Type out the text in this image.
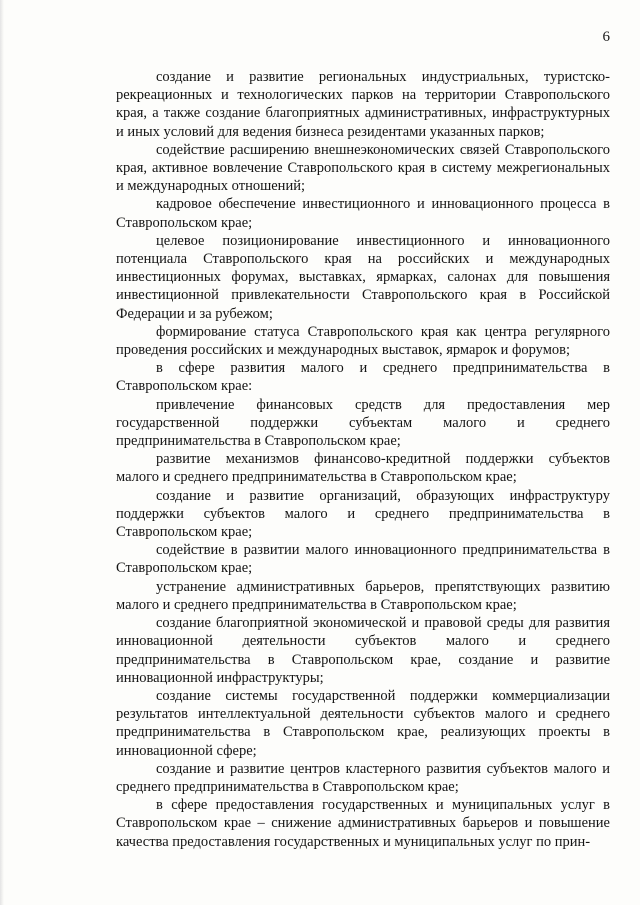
6

создание и развитие региональных индустриальных, туристско-рекреационных и технологических парков на территории Ставропольского края, а также создание благоприятных административных, инфраструктурных и иных условий для ведения бизнеса резидентами указанных парков;

содействие расширению внешнеэкономических связей Ставропольского края, активное вовлечение Ставропольского края в систему межрегиональных и международных отношений;

кадровое обеспечение инвестиционного и инновационного процесса в Ставропольском крае;

целевое позиционирование инвестиционного и инновационного потенциала Ставропольского края на российских и международных инвестиционных форумах, выставках, ярмарках, салонах для повышения инвестиционной привлекательности Ставропольского края в Российской Федерации и за рубежом;

формирование статуса Ставропольского края как центра регулярного проведения российских и международных выставок, ярмарок и форумов;

в сфере развития малого и среднего предпринимательства в Ставропольском крае:

привлечение финансовых средств для предоставления мер государственной поддержки субъектам малого и среднего предпринимательства в Ставропольском крае;

развитие механизмов финансово-кредитной поддержки субъектов малого и среднего предпринимательства в Ставропольском крае;

создание и развитие организаций, образующих инфраструктуру поддержки субъектов малого и среднего предпринимательства в Ставропольском крае;

содействие в развитии малого инновационного предпринимательства в Ставропольском крае;

устранение административных барьеров, препятствующих развитию малого и среднего предпринимательства в Ставропольском крае;

создание благоприятной экономической и правовой среды для развития инновационной деятельности субъектов малого и среднего предпринимательства в Ставропольском крае, создание и развитие инновационной инфраструктуры;

создание системы государственной поддержки коммерциализации результатов интеллектуальной деятельности субъектов малого и среднего предпринимательства в Ставропольском крае, реализующих проекты в инновационной сфере;

создание и развитие центров кластерного развития субъектов малого и среднего предпринимательства в Ставропольском крае;

в сфере предоставления государственных и муниципальных услуг в Ставропольском крае – снижение административных барьеров и повышение качества предоставления государственных и муниципальных услуг по прин-
